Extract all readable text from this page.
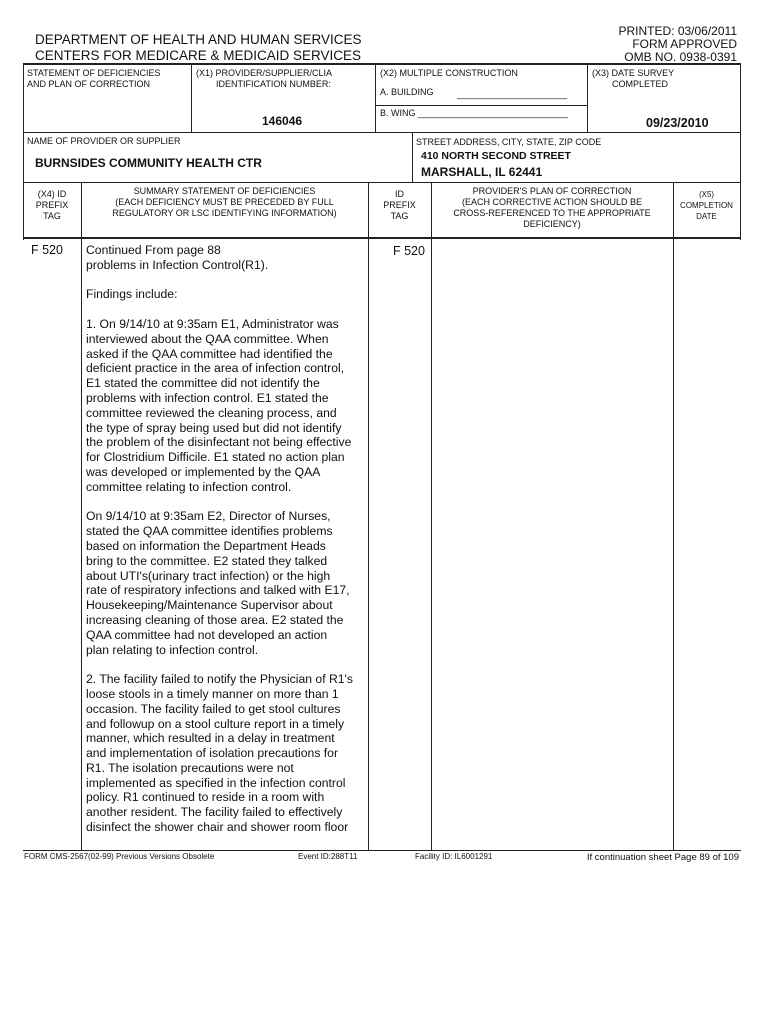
PRINTED: 03/06/2011
FORM APPROVED
OMB NO. 0938-0391
DEPARTMENT OF HEALTH AND HUMAN SERVICES
CENTERS FOR MEDICARE & MEDICAID SERVICES
STATEMENT OF DEFICIENCIES
AND PLAN OF CORRECTION
(X1) PROVIDER/SUPPLIER/CLIA
IDENTIFICATION NUMBER:
146046
(X2) MULTIPLE CONSTRUCTION
A. BUILDING	______________________
B. WING ______________________________
(X3) DATE SURVEY
COMPLETED
09/23/2010
NAME OF PROVIDER OR SUPPLIER
BURNSIDES COMMUNITY HEALTH CTR
STREET ADDRESS, CITY, STATE, ZIP CODE
410 NORTH SECOND STREET
MARSHALL, IL 62441
(X4) ID
PREFIX
TAG
SUMMARY STATEMENT OF DEFICIENCIES
(EACH DEFICIENCY MUST BE PRECEDED BY FULL
REGULATORY OR LSC IDENTIFYING INFORMATION)
ID
PREFIX
TAG
PROVIDER'S PLAN OF CORRECTION
(EACH CORRECTIVE ACTION SHOULD BE
CROSS-REFERENCED TO THE APPROPRIATE
DEFICIENCY)
(X5)
COMPLETION
DATE
F 520	F 520
Continued From page 88
problems in Infection Control(R1).
Findings include:
1. On 9/14/10 at 9:35am E1, Administrator was
interviewed about the QAA committee. When
asked if the QAA committee had identified the
deficient practice in the area of infection control,
E1 stated the committee did not identify the
problems with infection control. E1 stated the
committee reviewed the cleaning process, and
the type of spray being used but did not identify
the problem of the disinfectant not being effective
for Clostridium Difficile. E1 stated no action plan
was developed or implemented by the QAA
committee relating to infection control.
On 9/14/10 at 9:35am E2, Director of Nurses,
stated the QAA committee identifies problems
based on information the Department Heads
bring to the committee. E2 stated they talked
about UTI's(urinary tract infection) or the high
rate of respiratory infections and talked with E17,
Housekeeping/Maintenance Supervisor about
increasing cleaning of those area. E2 stated the
QAA committee had not developed an action
plan relating to infection control.
2. The facility failed to notify the Physician of R1's
loose stools in a timely manner on more than 1
occasion. The facility failed to get stool cultures
and followup on a stool culture report in a timely
manner, which resulted in a delay in treatment
and implementation of isolation precautions for
R1. The isolation precautions were not
implemented as specified in the infection control
policy. R1 continued to reside in a room with
another resident. The facility failed to effectively
disinfect the shower chair and shower room floor
FORM CMS-2567(02-99) Previous Versions Obsolete	Event ID:288T11	Facility ID: IL6001291	If continuation sheet Page 89 of 109
